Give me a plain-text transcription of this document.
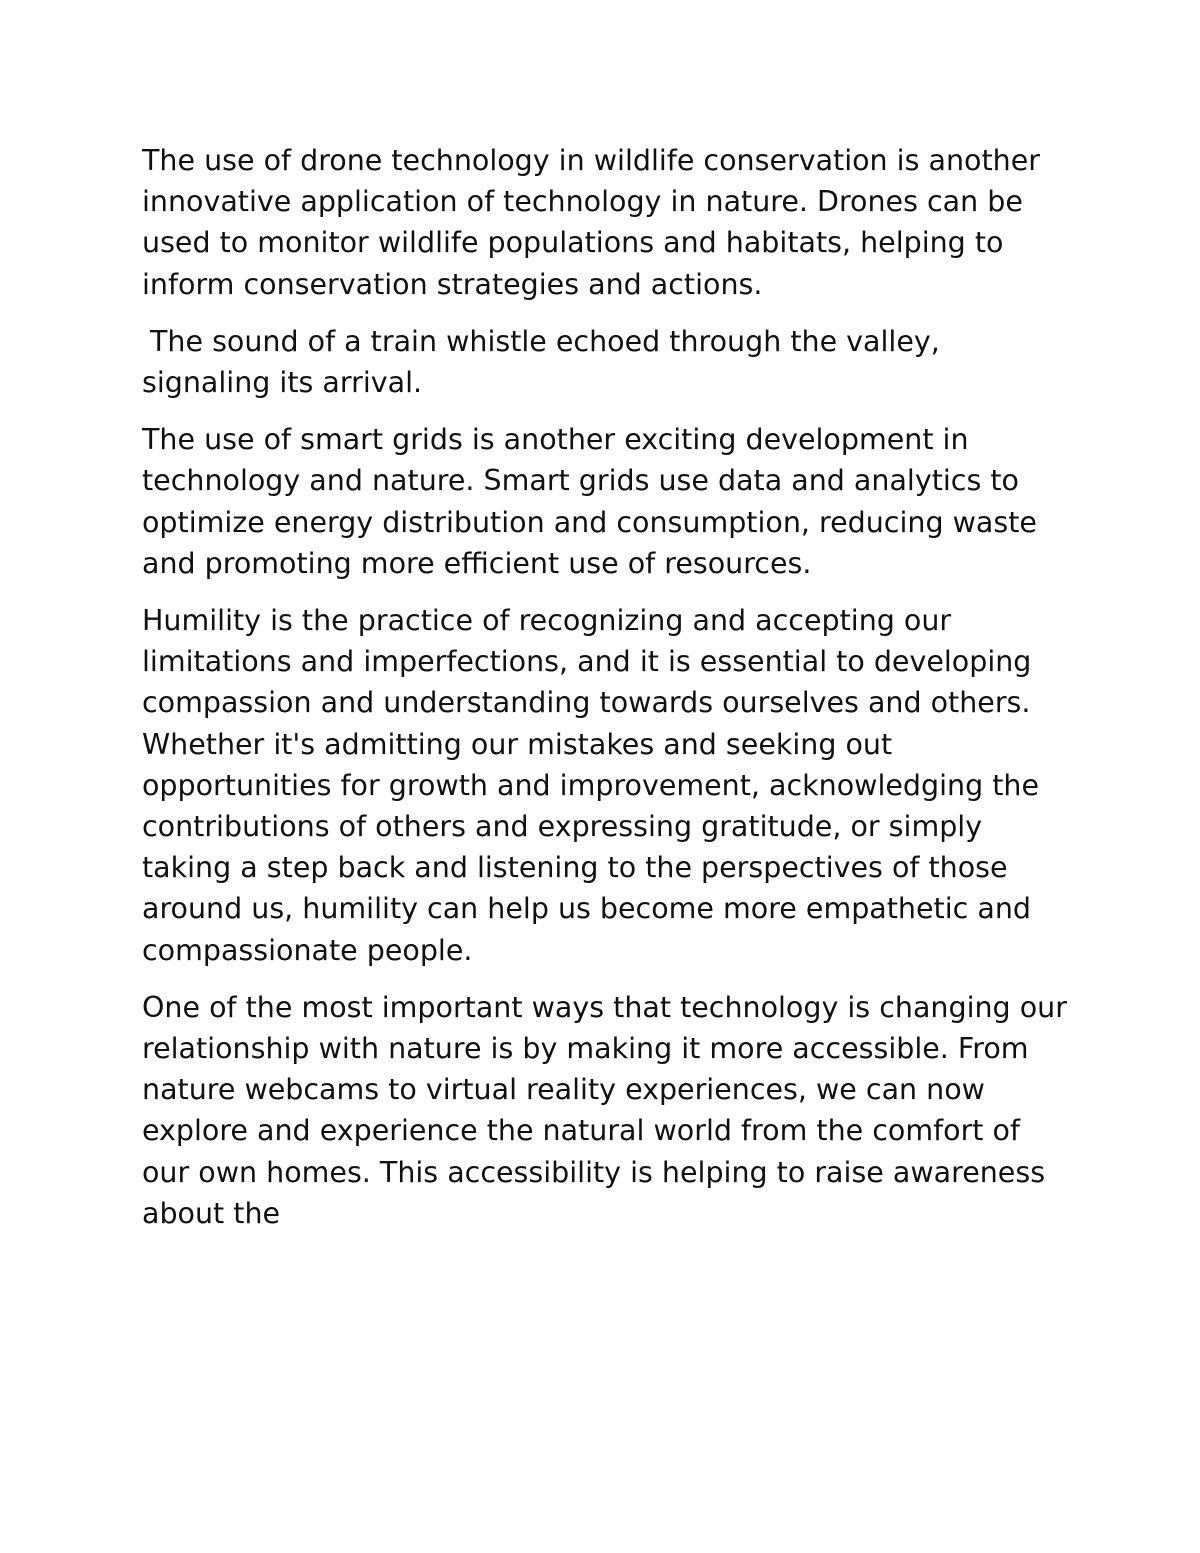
The use of drone technology in wildlife conservation is another innovative application of technology in nature. Drones can be used to monitor wildlife populations and habitats, helping to inform conservation strategies and actions.

The sound of a train whistle echoed through the valley, signaling its arrival.

The use of smart grids is another exciting development in technology and nature. Smart grids use data and analytics to optimize energy distribution and consumption, reducing waste and promoting more efficient use of resources.

Humility is the practice of recognizing and accepting our limitations and imperfections, and it is essential to developing compassion and understanding towards ourselves and others. Whether it's admitting our mistakes and seeking out opportunities for growth and improvement, acknowledging the contributions of others and expressing gratitude, or simply taking a step back and listening to the perspectives of those around us, humility can help us become more empathetic and compassionate people.

One of the most important ways that technology is changing our relationship with nature is by making it more accessible. From nature webcams to virtual reality experiences, we can now explore and experience the natural world from the comfort of our own homes. This accessibility is helping to raise awareness about the
